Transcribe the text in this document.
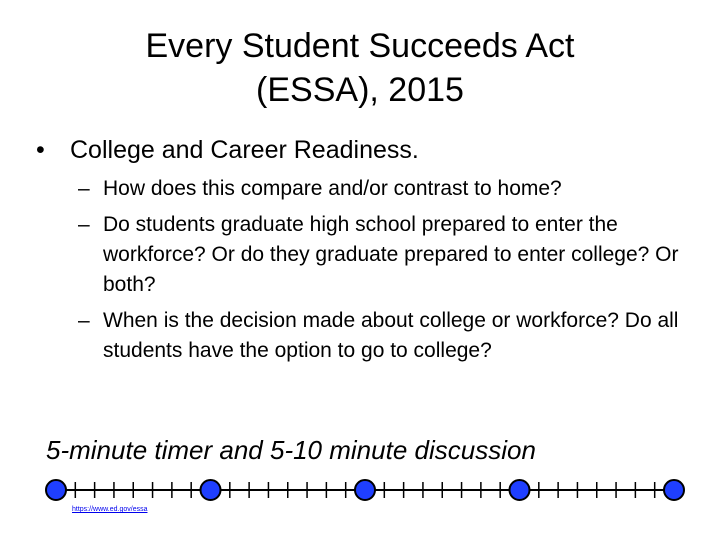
Every Student Succeeds Act
(ESSA), 2015
• College and Career Readiness.
– How does this compare and/or contrast to home?
– Do students graduate high school prepared to enter the workforce? Or do they graduate prepared to enter college? Or both?
– When is the decision made about college or workforce? Do all students have the option to go to college?
5-minute timer and 5-10 minute discussion
https://www.ed.gov/essa
